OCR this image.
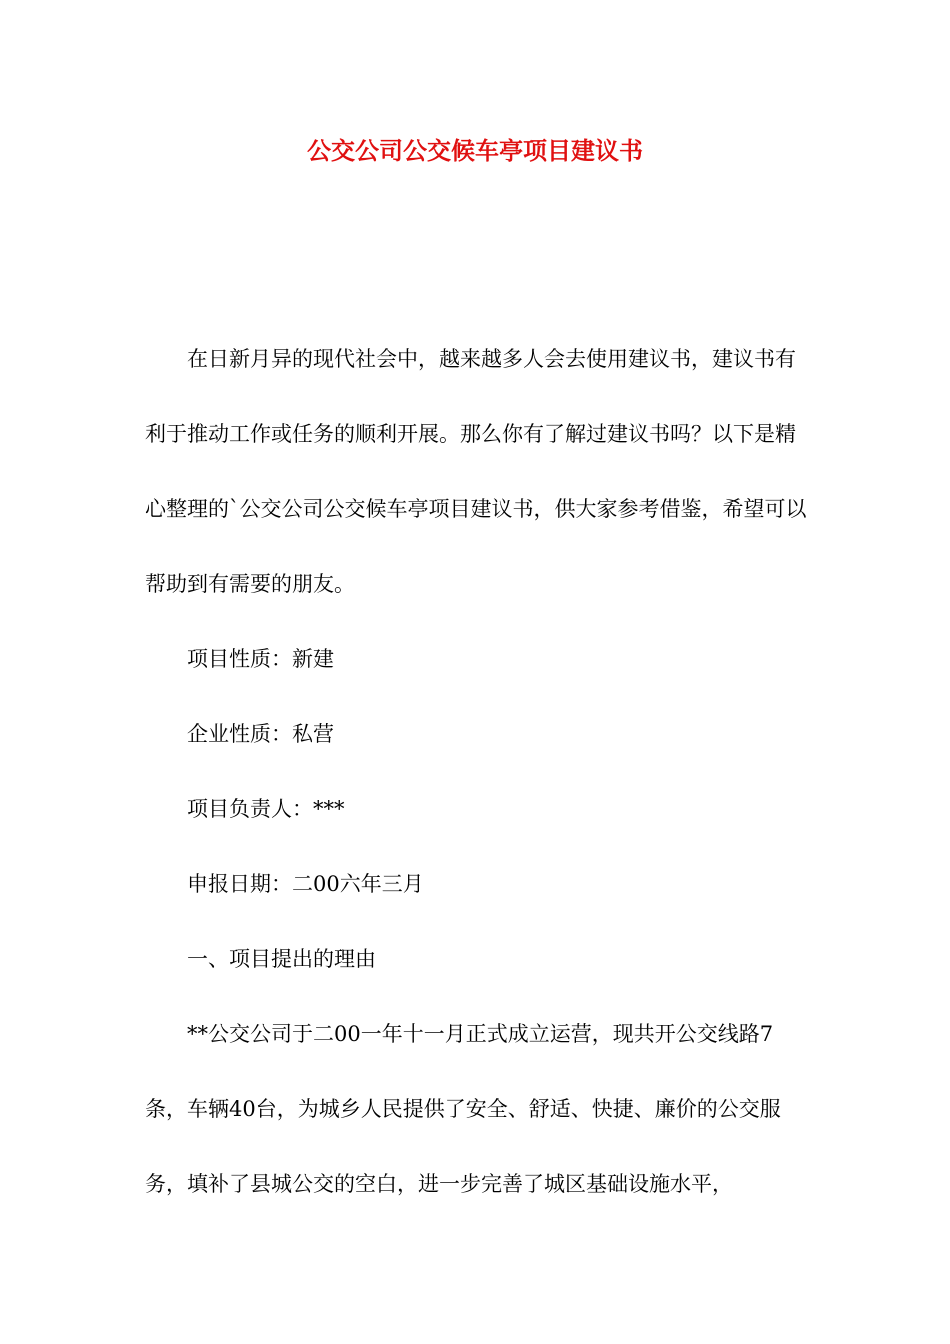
公交公司公交候车亭项目建议书

在日新月异的现代社会中，越来越多人会去使用建议书，建议书有利于推动工作或任务的顺利开展。那么你有了解过建议书吗？以下是精心整理的`公交公司公交候车亭项目建议书，供大家参考借鉴，希望可以帮助到有需要的朋友。

项目性质：新建

企业性质：私营

项目负责人：***

申报日期：二00六年三月

一、项目提出的理由

**公交公司于二00一年十一月正式成立运营，现共开公交线路7条，车辆40台，为城乡人民提供了安全、舒适、快捷、廉价的公交服务，填补了县城公交的空白，进一步完善了城区基础设施水平，
